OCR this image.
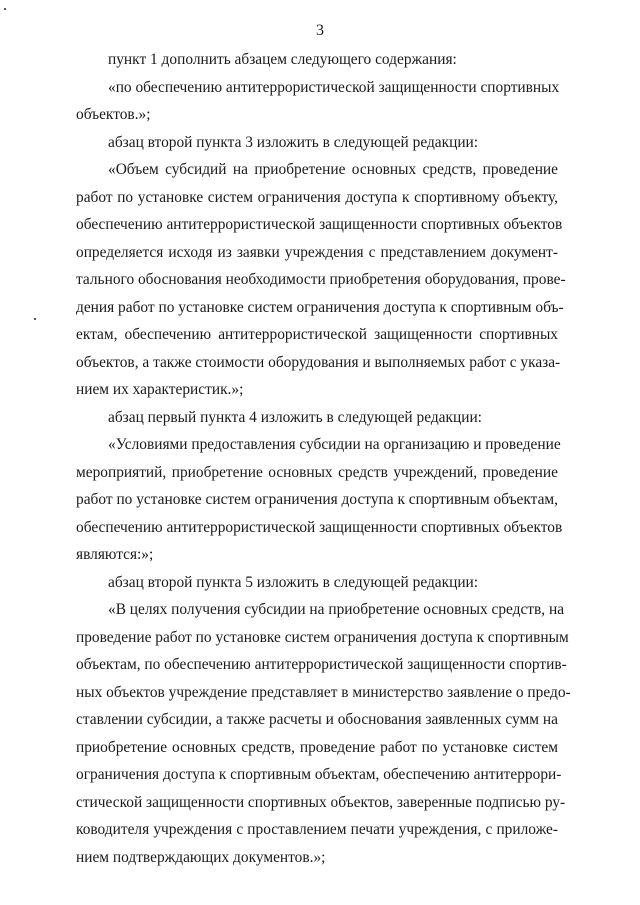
3
пункт 1 дополнить абзацем следующего содержания:
«по обеспечению антитеррористической защищенности спортивных
объектов.»;
абзац второй пункта 3 изложить в следующей редакции:
«Объем субсидий на приобретение основных средств, проведение
работ по установке систем ограничения доступа к спортивному объекту,
обеспечению антитеррористической защищенности спортивных объектов
определяется исходя из заявки учреждения с представлением документ-
тального обоснования необходимости приобретения оборудования, прове-
дения работ по установке систем ограничения доступа к спортивным объ-
ектам, обеспечению антитеррористической защищенности спортивных
объектов, а также стоимости оборудования и выполняемых работ с указа-
нием их характеристик.»;
абзац первый пункта 4 изложить в следующей редакции:
«Условиями предоставления субсидии на организацию и проведение
мероприятий, приобретение основных средств учреждений, проведение
работ по установке систем ограничения доступа к спортивным объектам,
обеспечению антитеррористической защищенности спортивных объектов
являются:»;
абзац второй пункта 5 изложить в следующей редакции:
«В целях получения субсидии на приобретение основных средств, на
проведение работ по установке систем ограничения доступа к спортивным
объектам, по обеспечению антитеррористической защищенности спортив-
ных объектов учреждение представляет в министерство заявление о предо-
ставлении субсидии, а также расчеты и обоснования заявленных сумм на
приобретение основных средств, проведение работ по установке систем
ограничения доступа к спортивным объектам, обеспечению антитеррори-
стической защищенности спортивных объектов, заверенные подписью ру-
ководителя учреждения с проставлением печати учреждения, с приложе-
нием подтверждающих документов.»;
